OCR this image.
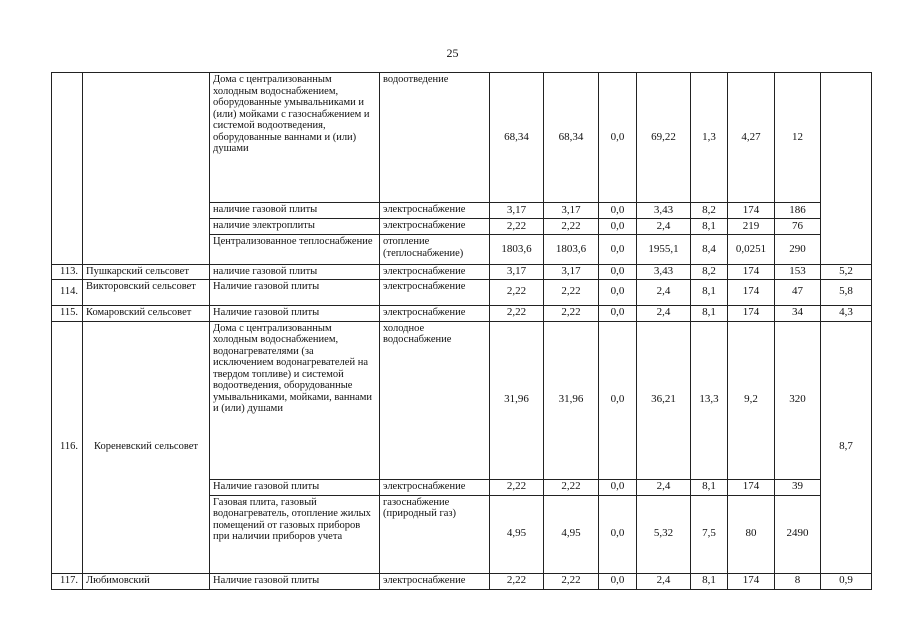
25
		Дома с централизованным холодным водоснабжением, оборудованные умывальниками и (или) мойками с газоснабжением и системой водоотведения, оборудованные ваннами и (или) душами	водоотведение	68,34	68,34	0,0	69,22	1,3	4,27	12	
		наличие газовой плиты	электроснабжение	3,17	3,17	0,0	3,43	8,2	174	186	
		наличие электроплиты	электроснабжение	2,22	2,22	0,0	2,4	8,1	219	76	
		Централизованное теплоснабжение	отопление (теплоснабжение)	1803,6	1803,6	0,0	1955,1	8,4	0,0251	290	
113.	Пушкарский сельсовет	наличие газовой плиты	электроснабжение	3,17	3,17	0,0	3,43	8,2	174	153	5,2
114.	Викторовский сельсовет	Наличие газовой плиты	электроснабжение	2,22	2,22	0,0	2,4	8,1	174	47	5,8
115.	Комаровский сельсовет	Наличие газовой плиты	электроснабжение	2,22	2,22	0,0	2,4	8,1	174	34	4,3
116.	Кореневский сельсовет	Дома с централизованным холодным водоснабжением, водонагревателями (за исключением водонагревателей на твердом топливе) и системой водоотведения, оборудованные умывальниками, мойками, ваннами и (или) душами	холодное водоснабжение	31,96	31,96	0,0	36,21	13,3	9,2	320	8,7
		Наличие газовой плиты	электроснабжение	2,22	2,22	0,0	2,4	8,1	174	39	
		Газовая плита, газовый водонагреватель, отопление жилых помещений от газовых приборов при наличии приборов учета	газоснабжение (природный газ)	4,95	4,95	0,0	5,32	7,5	80	2490	
117.	Любимовский	Наличие газовой плиты	электроснабжение	2,22	2,22	0,0	2,4	8,1	174	8	0,9
